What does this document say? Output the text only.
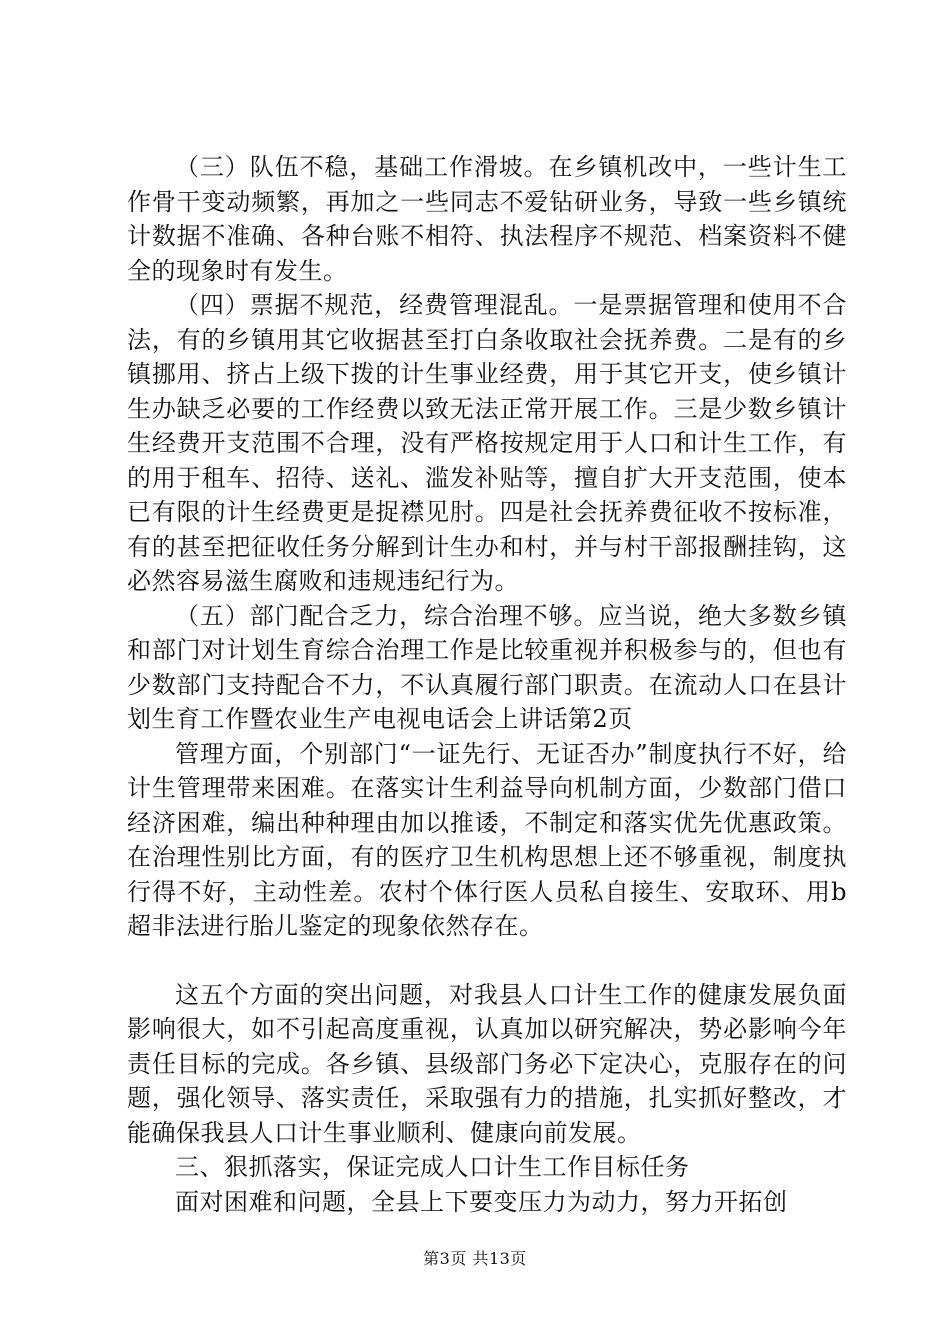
（三）队伍不稳，基础工作滑坡。在乡镇机改中，一些计生工作骨干变动频繁，再加之一些同志不爱钻研业务，导致一些乡镇统计数据不准确、各种台账不相符、执法程序不规范、档案资料不健全的现象时有发生。

（四）票据不规范，经费管理混乱。一是票据管理和使用不合法，有的乡镇用其它收据甚至打白条收取社会抚养费。二是有的乡镇挪用、挤占上级下拨的计生事业经费，用于其它开支，使乡镇计生办缺乏必要的工作经费以致无法正常开展工作。三是少数乡镇计生经费开支范围不合理，没有严格按规定用于人口和计生工作，有的用于租车、招待、送礼、滥发补贴等，擅自扩大开支范围，使本已有限的计生经费更是捉襟见肘。四是社会抚养费征收不按标准，有的甚至把征收任务分解到计生办和村，并与村干部报酬挂钩，这必然容易滋生腐败和违规违纪行为。

（五）部门配合乏力，综合治理不够。应当说，绝大多数乡镇和部门对计划生育综合治理工作是比较重视并积极参与的，但也有少数部门支持配合不力，不认真履行部门职责。在流动人口在县计划生育工作暨农业生产电视电话会上讲话第2页

管理方面，个别部门“一证先行、无证否办”制度执行不好，给计生管理带来困难。在落实计生利益导向机制方面，少数部门借口经济困难，编出种种理由加以推诿，不制定和落实优先优惠政策。在治理性别比方面，有的医疗卫生机构思想上还不够重视，制度执行得不好，主动性差。农村个体行医人员私自接生、安取环、用b超非法进行胎儿鉴定的现象依然存在。

这五个方面的突出问题，对我县人口计生工作的健康发展负面影响很大，如不引起高度重视，认真加以研究解决，势必影响今年责任目标的完成。各乡镇、县级部门务必下定决心，克服存在的问题，强化领导、落实责任，采取强有力的措施，扎实抓好整改，才能确保我县人口计生事业顺利、健康向前发展。

三、狠抓落实，保证完成人口计生工作目标任务

面对困难和问题，全县上下要变压力为动力，努力开拓创

第3页 共13页
